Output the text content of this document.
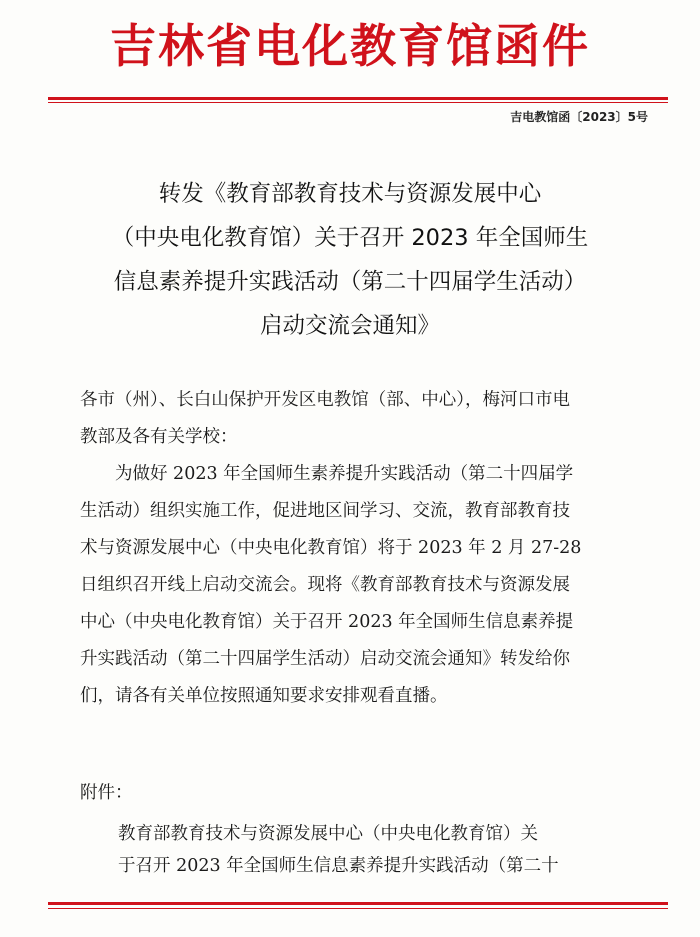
吉林省电化教育馆函件
吉电教馆函〔2023〕5号
转发《教育部教育技术与资源发展中心
（中央电化教育馆）关于召开 2023 年全国师生
信息素养提升实践活动（第二十四届学生活动）
启动交流会通知》
各市（州）、长白山保护开发区电教馆（部、中心），梅河口市电
教部及各有关学校：
　　为做好 2023 年全国师生素养提升实践活动（第二十四届学
生活动）组织实施工作，促进地区间学习、交流，教育部教育技
术与资源发展中心（中央电化教育馆）将于 2023 年 2 月 27-28
日组织召开线上启动交流会。现将《教育部教育技术与资源发展
中心（中央电化教育馆）关于召开 2023 年全国师生信息素养提
升实践活动（第二十四届学生活动）启动交流会通知》转发给你
们，请各有关单位按照通知要求安排观看直播。
附件：
教育部教育技术与资源发展中心（中央电化教育馆）关
于召开 2023 年全国师生信息素养提升实践活动（第二十
